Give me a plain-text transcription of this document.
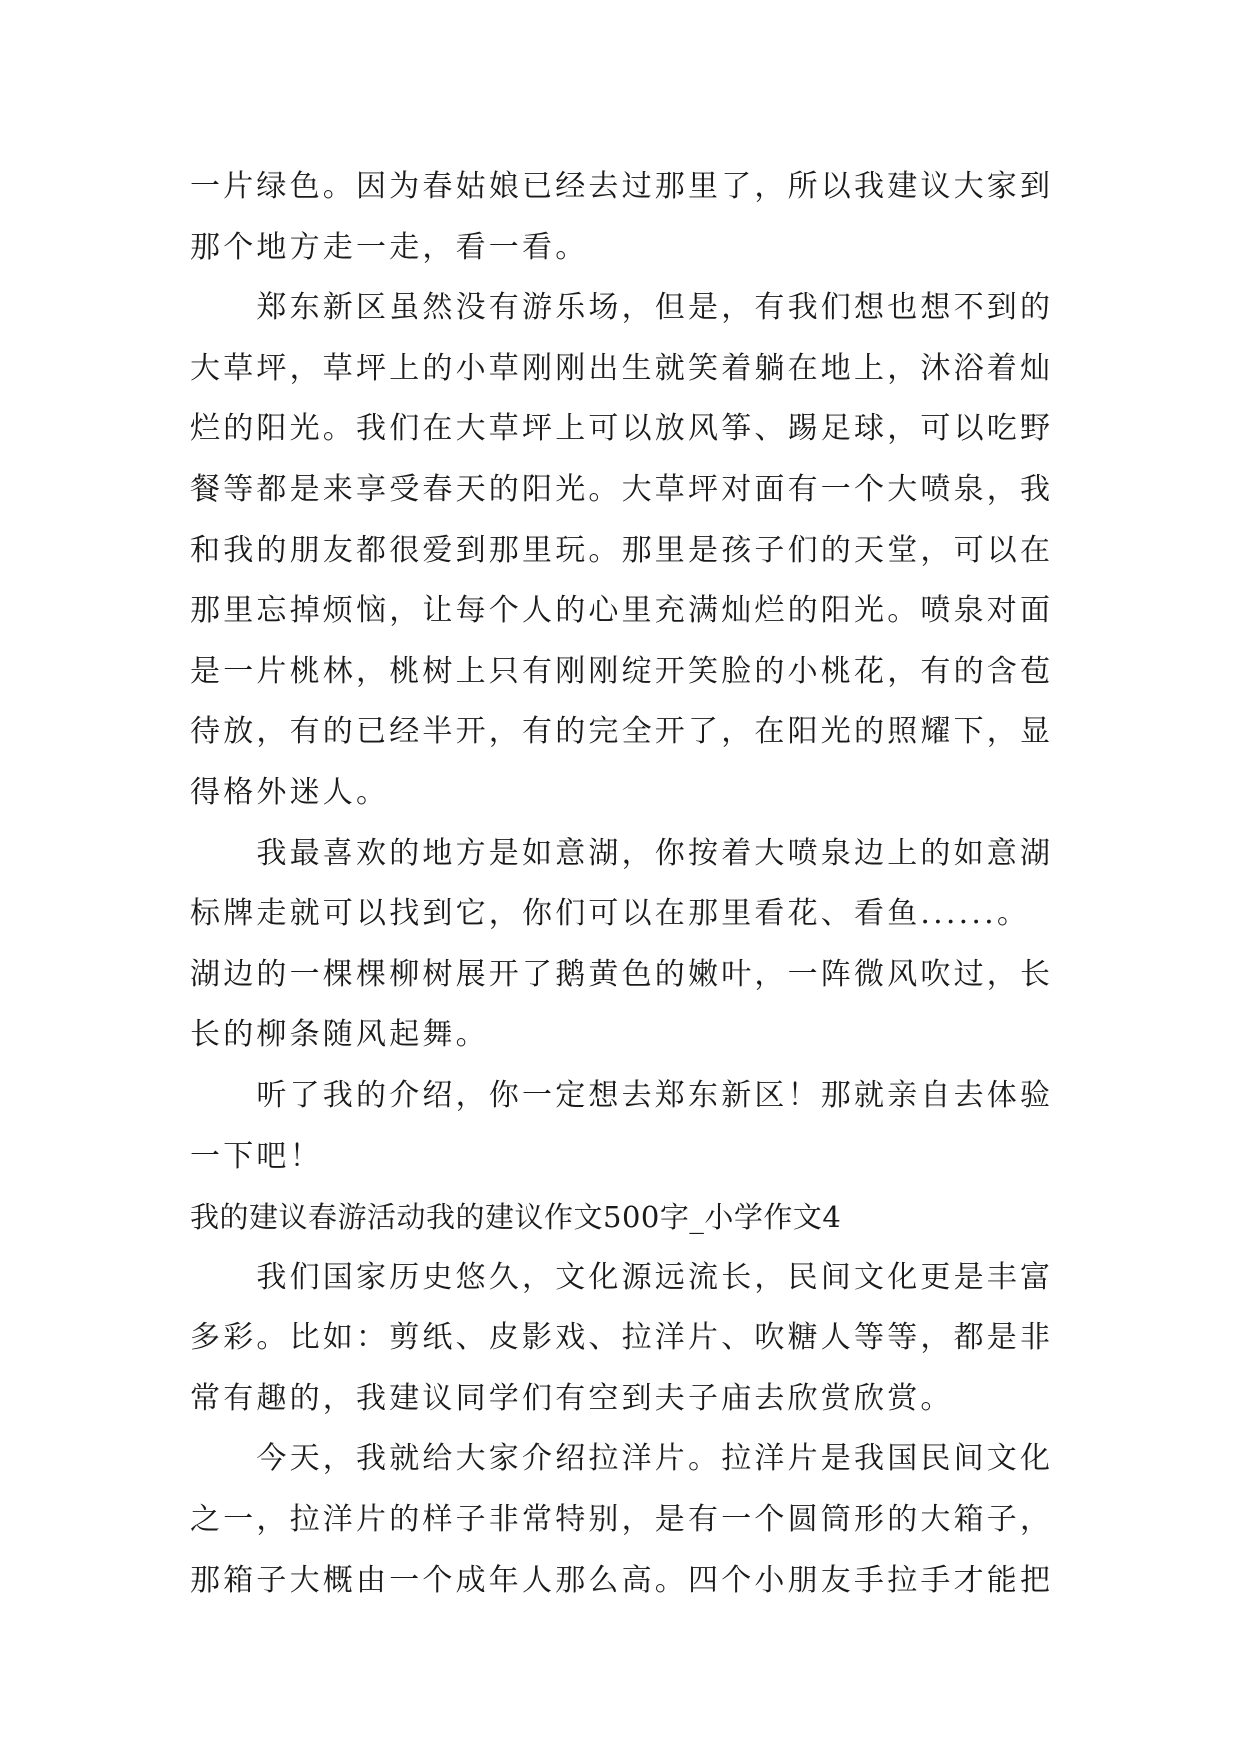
一片绿色。因为春姑娘已经去过那里了，所以我建议大家到
那个地方走一走，看一看。

　　郑东新区虽然没有游乐场，但是，有我们想也想不到的
大草坪，草坪上的小草刚刚出生就笑着躺在地上，沐浴着灿
烂的阳光。我们在大草坪上可以放风筝、踢足球，可以吃野
餐等都是来享受春天的阳光。大草坪对面有一个大喷泉，我
和我的朋友都很爱到那里玩。那里是孩子们的天堂，可以在
那里忘掉烦恼，让每个人的心里充满灿烂的阳光。喷泉对面
是一片桃林，桃树上只有刚刚绽开笑脸的小桃花，有的含苞
待放，有的已经半开，有的完全开了，在阳光的照耀下，显
得格外迷人。

　　我最喜欢的地方是如意湖，你按着大喷泉边上的如意湖
标牌走就可以找到它，你们可以在那里看花、看鱼......。
湖边的一棵棵柳树展开了鹅黄色的嫩叶，一阵微风吹过，长
长的柳条随风起舞。

　　听了我的介绍，你一定想去郑东新区！那就亲自去体验
一下吧！

我的建议春游活动我的建议作文500字_小学作文4

　　我们国家历史悠久，文化源远流长，民间文化更是丰富
多彩。比如：剪纸、皮影戏、拉洋片、吹糖人等等，都是非
常有趣的，我建议同学们有空到夫子庙去欣赏欣赏。

　　今天，我就给大家介绍拉洋片。拉洋片是我国民间文化
之一，拉洋片的样子非常特别，是有一个圆筒形的大箱子，
那箱子大概由一个成年人那么高。四个小朋友手拉手才能把
